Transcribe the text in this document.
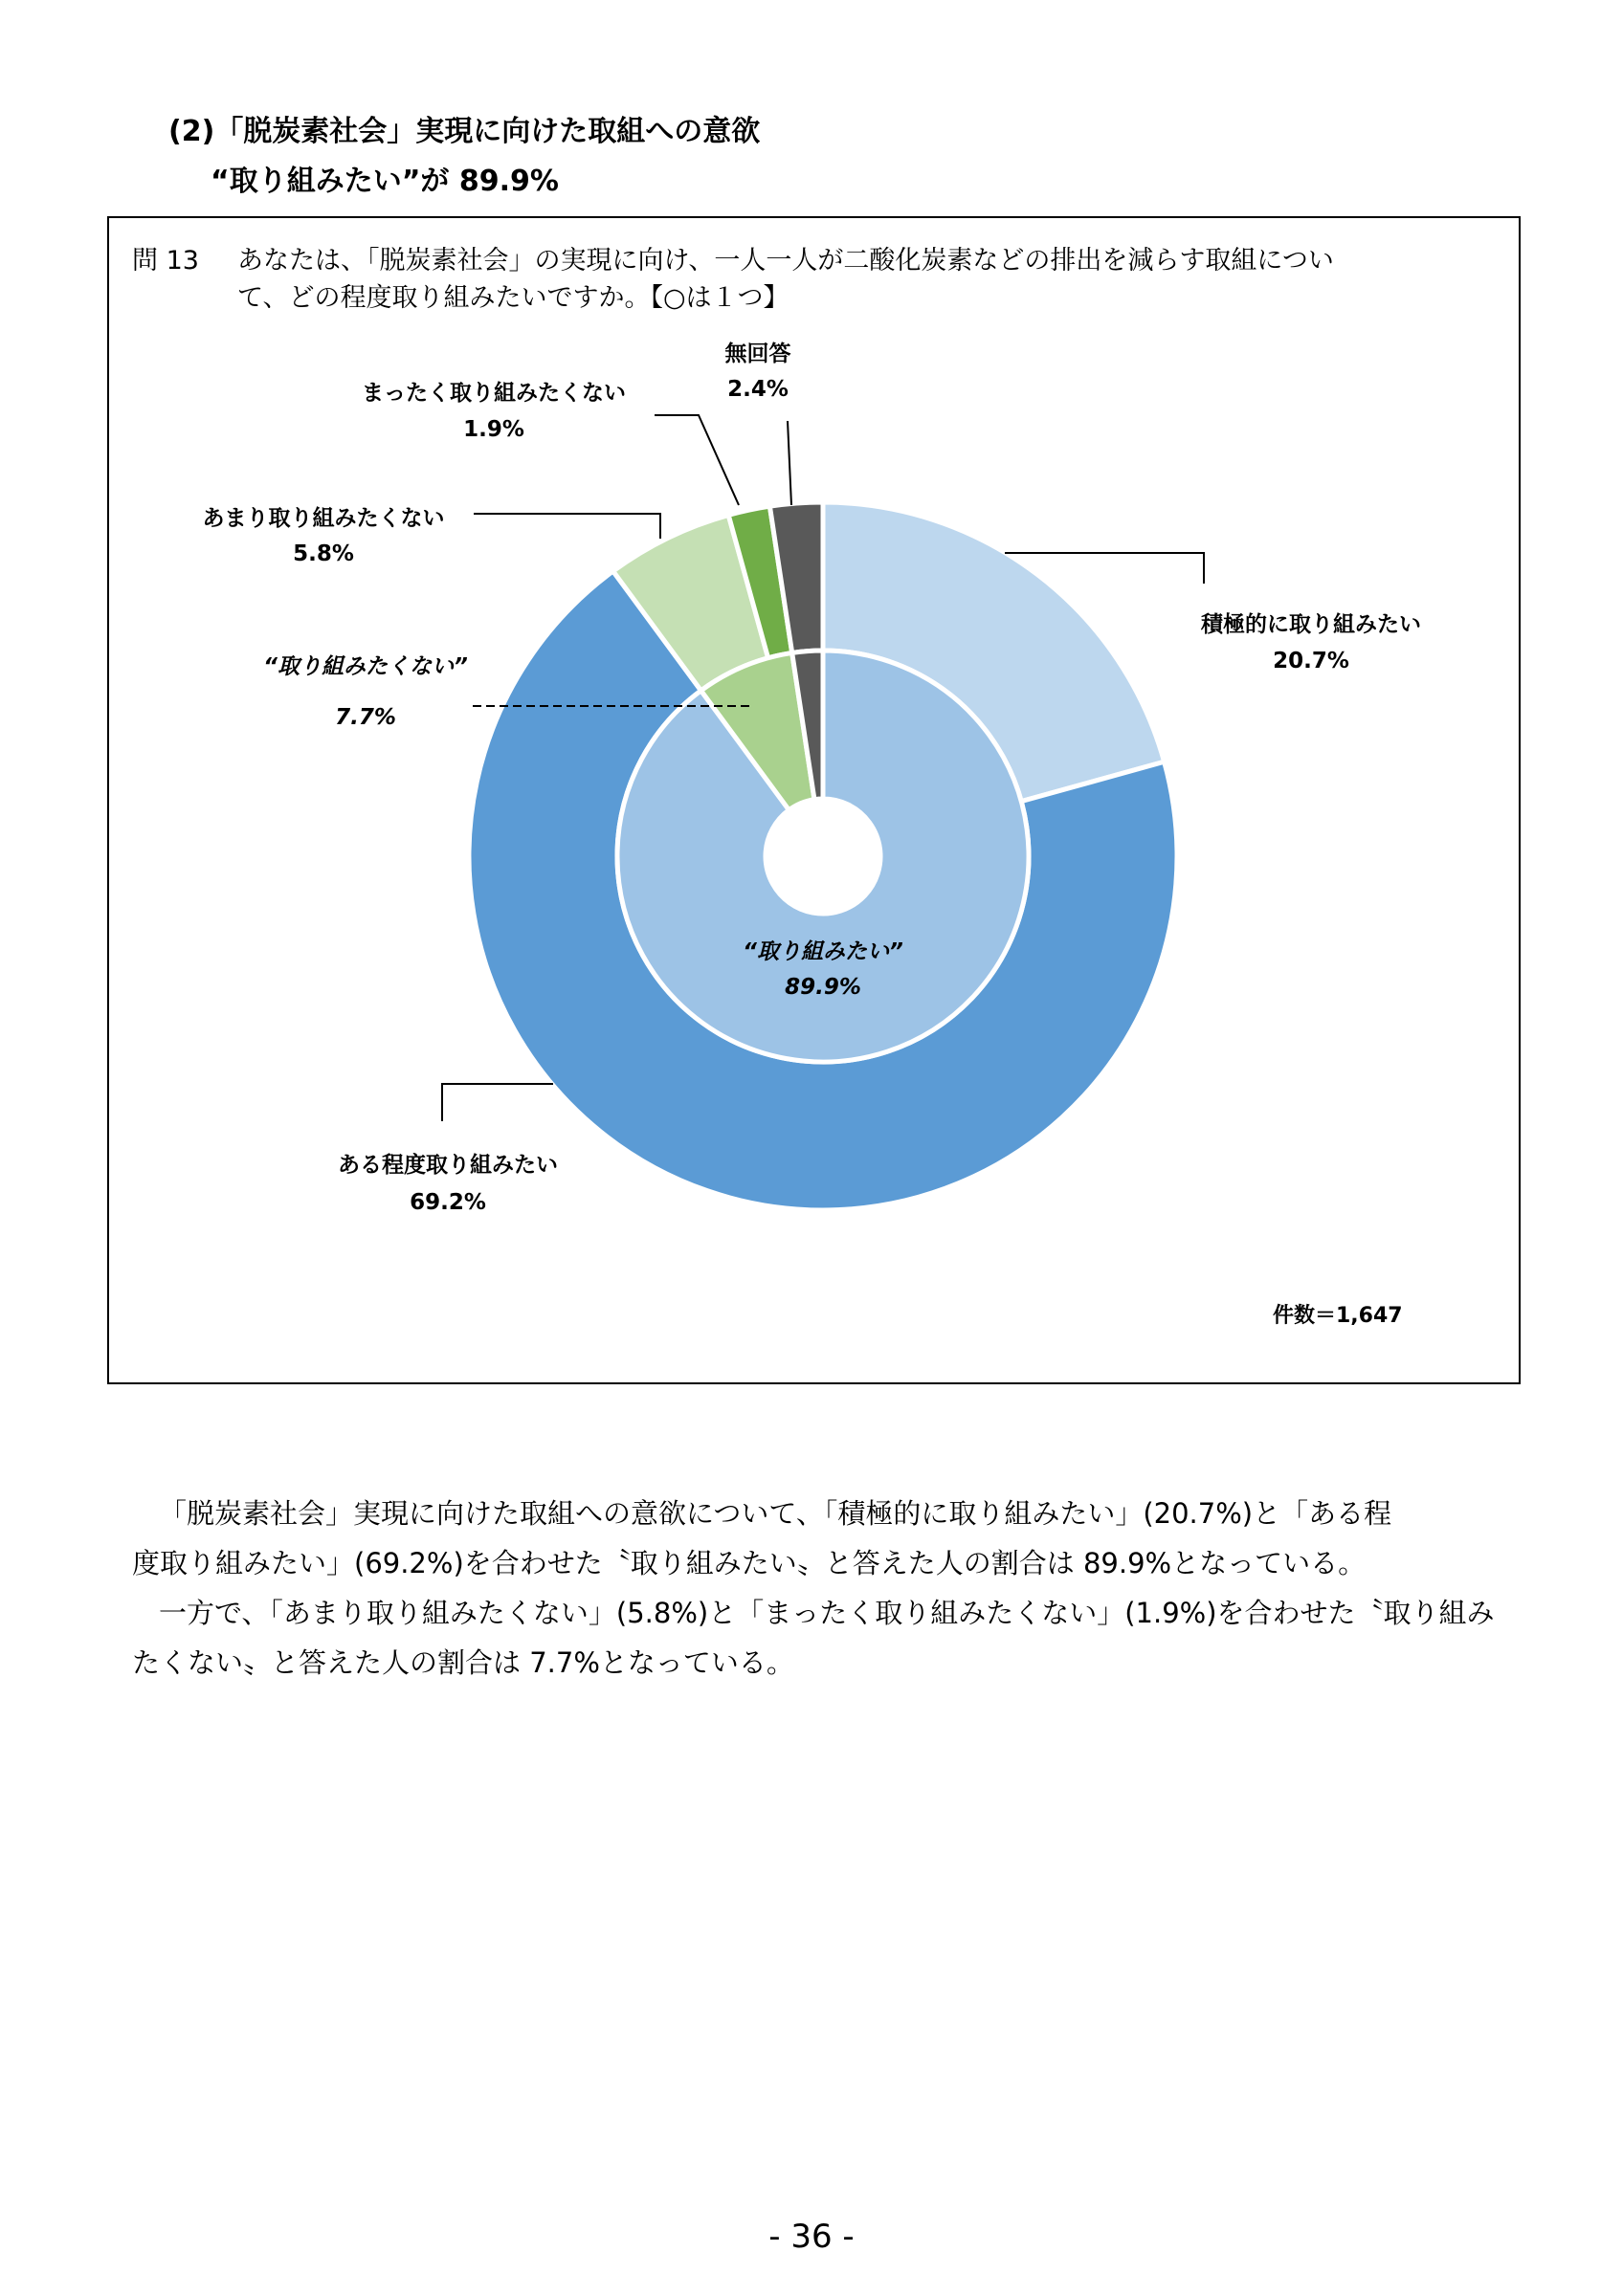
(2)「脱炭素社会」実現に向けた取組への意欲
“取り組みたい”が 89.9%
問 13 あなたは、「脱炭素社会」の実現に向け、一人一人が二酸化炭素などの排出を減らす取組につい
て、どの程度取り組みたいですか。【○は１つ】
積極的に取り組みたい
20.7%
ある程度取り組みたい
69.2%
あまり取り組みたくない
5.8%
まったく取り組みたくない
1.9%
無回答
2.4%
“取り組みたくない”
7.7%
“取り組みたい”
89.9%
件数＝1,647
「脱炭素社会」実現に向けた取組への意欲について、「積極的に取り組みたい」(20.7%)と「ある程
度取り組みたい」(69.2%)を合わせた〝取り組みたい〟と答えた人の割合は 89.9%となっている。
一方で、「あまり取り組みたくない」(5.8%)と「まったく取り組みたくない」(1.9%)を合わせた〝取り組み
たくない〟と答えた人の割合は 7.7%となっている。
- 36 -
